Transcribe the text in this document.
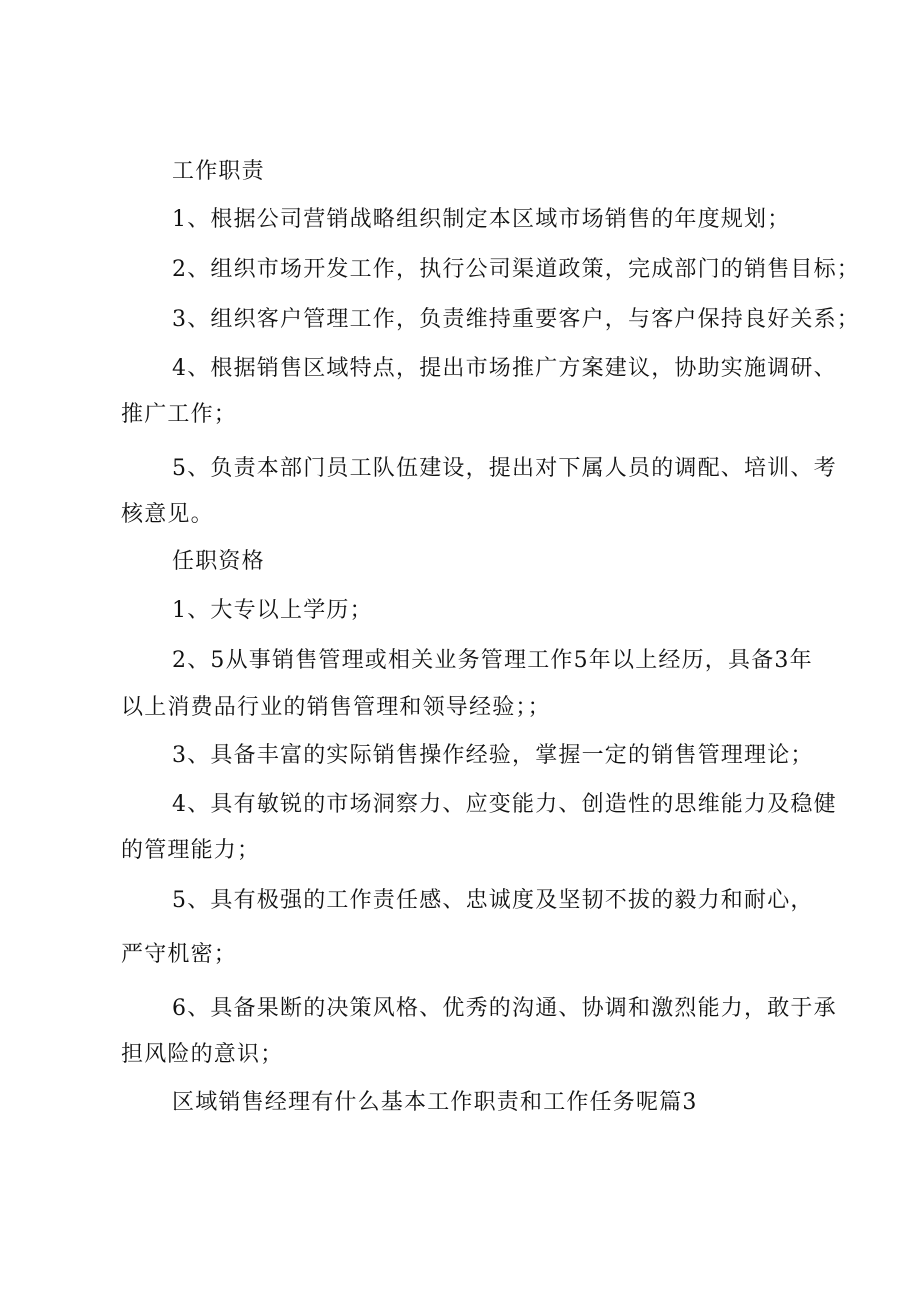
工作职责
1、根据公司营销战略组织制定本区域市场销售的年度规划；
2、组织市场开发工作，执行公司渠道政策，完成部门的销售目标；
3、组织客户管理工作，负责维持重要客户，与客户保持良好关系；
4、根据销售区域特点，提出市场推广方案建议，协助实施调研、
推广工作；
5、负责本部门员工队伍建设，提出对下属人员的调配、培训、考
核意见。
任职资格
1、大专以上学历；
2、5从事销售管理或相关业务管理工作5年以上经历，具备3年
以上消费品行业的销售管理和领导经验；；
3、具备丰富的实际销售操作经验，掌握一定的销售管理理论；
4、具有敏锐的市场洞察力、应变能力、创造性的思维能力及稳健
的管理能力；
5、具有极强的工作责任感、忠诚度及坚韧不拔的毅力和耐心，
严守机密；
6、具备果断的决策风格、优秀的沟通、协调和激烈能力，敢于承
担风险的意识；
区域销售经理有什么基本工作职责和工作任务呢篇3
